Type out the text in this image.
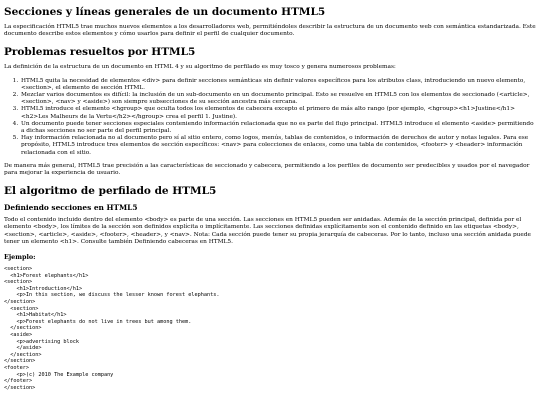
Secciones y líneas generales de un documento HTML5

La especificación HTML5 trae muchos nuevos elementos a los desarrolladores web, permitiéndoles describir la estructura de un documento web con semántica estandarizada. Este documento describe estos elementos y cómo usarlos para definir el perfil de cualquier documento.

Problemas resueltos por HTML5

La definición de la estructura de un documento en HTML 4 y su algoritmo de perfilado es muy tosco y genera numerosos problemas:

1. HTML5 quita la necesidad de elementos <div> para definir secciones semánticas sin definir valores específicos para los atributos class, introduciendo un nuevo elemento, <section>, el elemento de sección HTML.
2. Mezclar varios documentos es difícil: la inclusión de un sub-documento en un documento principal. Esto se resuelve en HTML5 con los elementos de seccionado (<article>, <section>, <nav> y <aside>) son siempre subsecciones de su sección ancestra más cercana.
3. HTML5 introduce el elemento <hgroup> que oculta todos los elementos de cabecera excepto el primero de más alto rango (por ejemplo, <hgroup><h1>Justine</h1><h2>Les Malheurs de la Vertu</h2></hgroup> crea el perfil 1. Justine).
4. Un documento puede tener secciones especiales conteniendo información relacionada que no es parte del flujo principal. HTML5 introduce el elemento <aside> permitiendo a dichas secciones no ser parte del perfil principal.
5. Hay información relacionada no al documento pero sí al sitio entero, como logos, menús, tablas de contenidos, o información de derechos de autor y notas legales. Para ese propósito, HTML5 introduce tres elementos de sección específicos: <nav> para colecciones de enlaces, como una tabla de contenidos, <footer> y <header> información relacionada con el sitio.

De manera más general, HTML5 trae precisión a las características de seccionado y cabecera, permitiendo a los perfiles de documento ser predecibles y usados por el navegador para mejorar la experiencia de usuario.

El algoritmo de perfilado de HTML5
Definiendo secciones en HTML5

Todo el contenido incluido dentro del elemento <body> es parte de una sección. Las secciones en HTML5 pueden ser anidadas. Además de la sección principal, definida por el elemento <body>, los límites de la sección son definidos explícita o implícitamente. Las secciones definidas explícitamente son el contenido definido en las etiquetas <body>, <section>, <article>, <aside>, <footer>, <header>, y <nav>. Nota: Cada sección puede tener su propia jerarquía de cabeceras. Por lo tanto, incluso una sección anidada puede tener un elemento <h1>. Consulte también Definiendo cabeceras en HTML5.

Ejemplo:
<section>
<h1>Forest elephants</h1>
<section>
<h1>Introduction</h1>
<p>In this section, we discuss the lesser known forest elephants.
</section>
<section>
<h1>Habitat</h1>
<p>Forest elephants do not live in trees but among them.
</section>
<aside>
<p>advertising block
</aside>
</section>
</section>
<footer>
<p>(c) 2010 The Example company
</footer>
</section>
